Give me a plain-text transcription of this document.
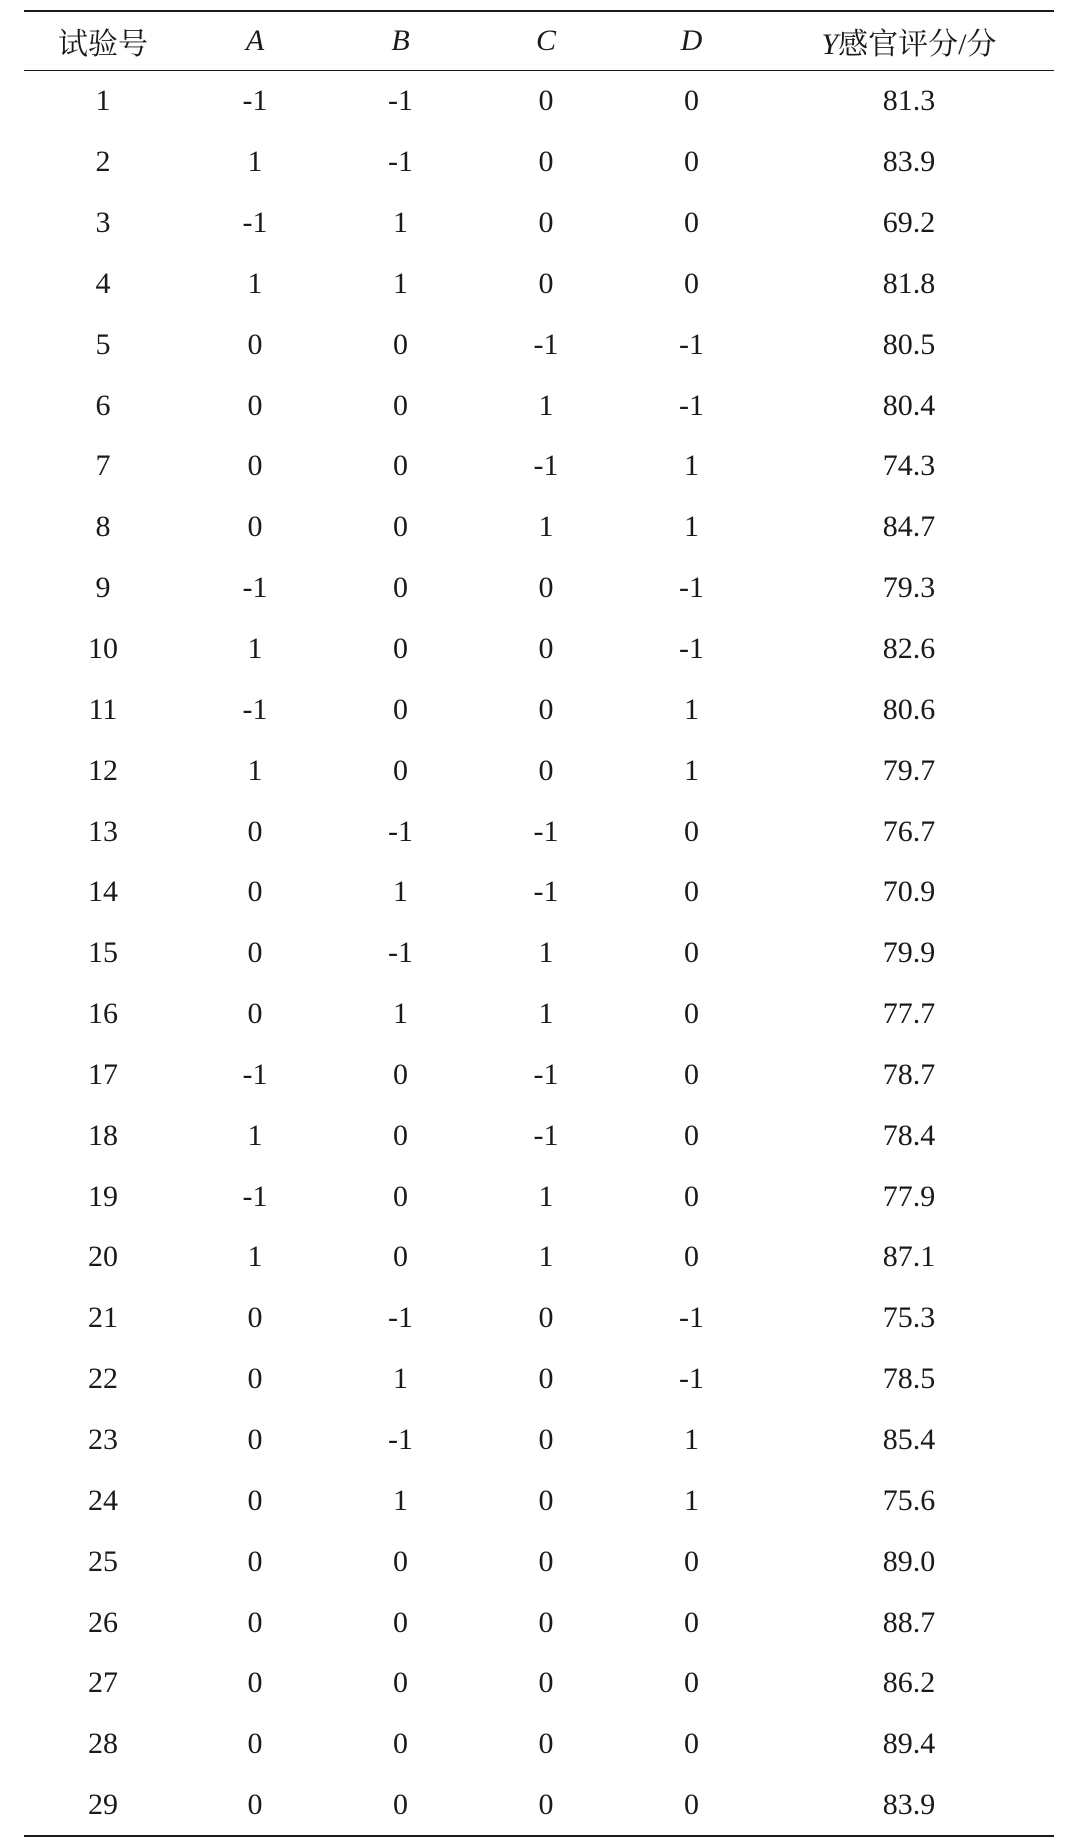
试验号	A	B	C	D	Y感官评分/分
1	-1	-1	0	0	81.3
2	1	-1	0	0	83.9
3	-1	1	0	0	69.2
4	1	1	0	0	81.8
5	0	0	-1	-1	80.5
6	0	0	1	-1	80.4
7	0	0	-1	1	74.3
8	0	0	1	1	84.7
9	-1	0	0	-1	79.3
10	1	0	0	-1	82.6
11	-1	0	0	1	80.6
12	1	0	0	1	79.7
13	0	-1	-1	0	76.7
14	0	1	-1	0	70.9
15	0	-1	1	0	79.9
16	0	1	1	0	77.7
17	-1	0	-1	0	78.7
18	1	0	-1	0	78.4
19	-1	0	1	0	77.9
20	1	0	1	0	87.1
21	0	-1	0	-1	75.3
22	0	1	0	-1	78.5
23	0	-1	0	1	85.4
24	0	1	0	1	75.6
25	0	0	0	0	89.0
26	0	0	0	0	88.7
27	0	0	0	0	86.2
28	0	0	0	0	89.4
29	0	0	0	0	83.9
